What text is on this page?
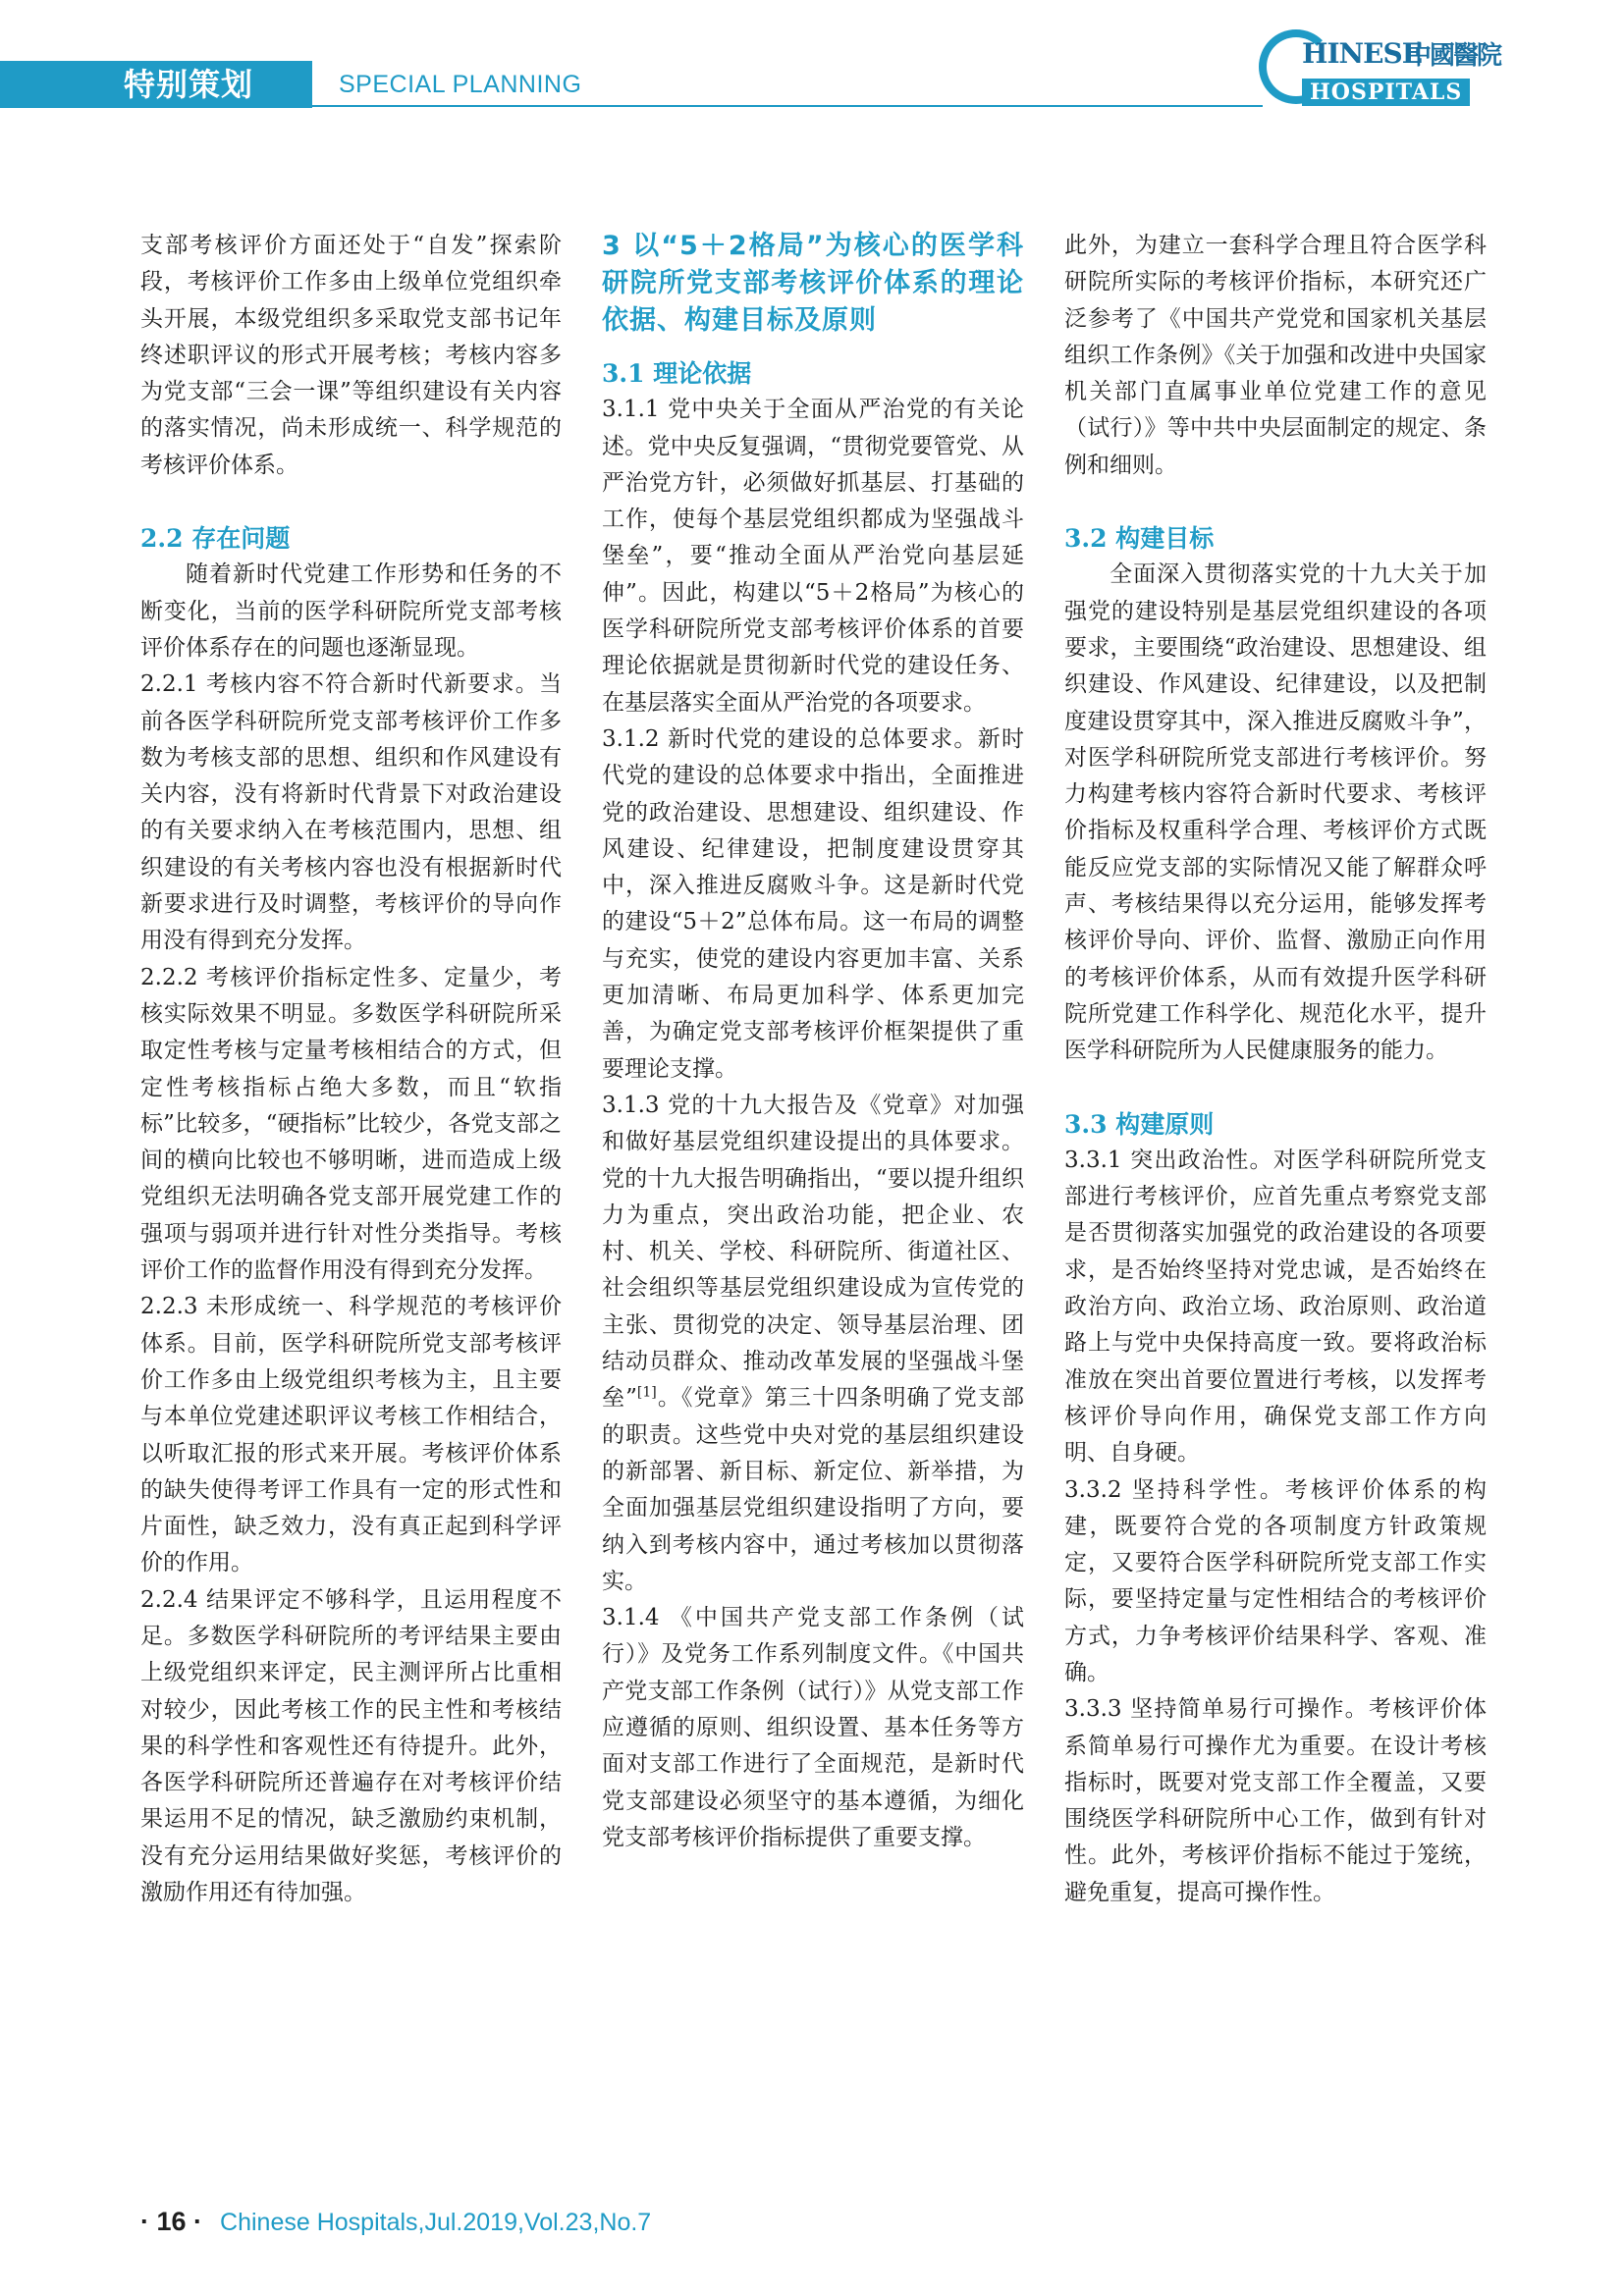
特别策划	SPECIAL PLANNING
HINESE
中國醫院
HOSPITALS

支部考核评价方面还处于“自发”探索阶段，考核评价工作多由上级单位党组织牵头开展，本级党组织多采取党支部书记年终述职评议的形式开展考核；考核内容多为党支部“三会一课”等组织建设有关内容的落实情况，尚未形成统一、科学规范的考核评价体系。

2.2 存在问题

随着新时代党建工作形势和任务的不断变化，当前的医学科研院所党支部考核评价体系存在的问题也逐渐显现。

2.2.1 考核内容不符合新时代新要求。当前各医学科研院所党支部考核评价工作多数为考核支部的思想、组织和作风建设有关内容，没有将新时代背景下对政治建设的有关要求纳入在考核范围内，思想、组织建设的有关考核内容也没有根据新时代新要求进行及时调整，考核评价的导向作用没有得到充分发挥。

2.2.2 考核评价指标定性多、定量少，考核实际效果不明显。多数医学科研院所采取定性考核与定量考核相结合的方式，但定性考核指标占绝大多数，而且“软指标”比较多，“硬指标”比较少，各党支部之间的横向比较也不够明晰，进而造成上级党组织无法明确各党支部开展党建工作的强项与弱项并进行针对性分类指导。考核评价工作的监督作用没有得到充分发挥。

2.2.3 未形成统一、科学规范的考核评价体系。目前，医学科研院所党支部考核评价工作多由上级党组织考核为主，且主要与本单位党建述职评议考核工作相结合，以听取汇报的形式来开展。考核评价体系的缺失使得考评工作具有一定的形式性和片面性，缺乏效力，没有真正起到科学评价的作用。

2.2.4 结果评定不够科学，且运用程度不足。多数医学科研院所的考评结果主要由上级党组织来评定，民主测评所占比重相对较少，因此考核工作的民主性和考核结果的科学性和客观性还有待提升。此外，各医学科研院所还普遍存在对考核评价结果运用不足的情况，缺乏激励约束机制，没有充分运用结果做好奖惩，考核评价的激励作用还有待加强。

3 以“5＋2格局”为核心的医学科研院所党支部考核评价体系的理论依据、构建目标及原则
3.1 理论依据

3.1.1 党中央关于全面从严治党的有关论述。党中央反复强调，“贯彻党要管党、从严治党方针，必须做好抓基层、打基础的工作，使每个基层党组织都成为坚强战斗堡垒”，要“推动全面从严治党向基层延伸”。因此，构建以“5＋2格局”为核心的医学科研院所党支部考核评价体系的首要理论依据就是贯彻新时代党的建设任务、在基层落实全面从严治党的各项要求。

3.1.2 新时代党的建设的总体要求。新时代党的建设的总体要求中指出，全面推进党的政治建设、思想建设、组织建设、作风建设、纪律建设，把制度建设贯穿其中，深入推进反腐败斗争。这是新时代党的建设“5＋2”总体布局。这一布局的调整与充实，使党的建设内容更加丰富、关系更加清晰、布局更加科学、体系更加完善，为确定党支部考核评价框架提供了重要理论支撑。

3.1.3 党的十九大报告及《党章》对加强和做好基层党组织建设提出的具体要求。党的十九大报告明确指出，“要以提升组织力为重点，突出政治功能，把企业、农村、机关、学校、科研院所、街道社区、社会组织等基层党组织建设成为宣传党的主张、贯彻党的决定、领导基层治理、团结动员群众、推动改革发展的坚强战斗堡垒”[1]。《党章》第三十四条明确了党支部的职责。这些党中央对党的基层组织建设的新部署、新目标、新定位、新举措，为全面加强基层党组织建设指明了方向，要纳入到考核内容中，通过考核加以贯彻落实。

3.1.4 《中国共产党支部工作条例（试行）》及党务工作系列制度文件。《中国共产党支部工作条例（试行）》从党支部工作应遵循的原则、组织设置、基本任务等方面对支部工作进行了全面规范，是新时代党支部建设必须坚守的基本遵循，为细化党支部考核评价指标提供了重要支撑。

此外，为建立一套科学合理且符合医学科研院所实际的考核评价指标，本研究还广泛参考了《中国共产党党和国家机关基层组织工作条例》《关于加强和改进中央国家机关部门直属事业单位党建工作的意见（试行）》等中共中央层面制定的规定、条例和细则。

3.2 构建目标

全面深入贯彻落实党的十九大关于加强党的建设特别是基层党组织建设的各项要求，主要围绕“政治建设、思想建设、组织建设、作风建设、纪律建设，以及把制度建设贯穿其中，深入推进反腐败斗争”，对医学科研院所党支部进行考核评价。努力构建考核内容符合新时代要求、考核评价指标及权重科学合理、考核评价方式既能反应党支部的实际情况又能了解群众呼声、考核结果得以充分运用，能够发挥考核评价导向、评价、监督、激励正向作用的考核评价体系，从而有效提升医学科研院所党建工作科学化、规范化水平，提升医学科研院所为人民健康服务的能力。

3.3 构建原则

3.3.1 突出政治性。对医学科研院所党支部进行考核评价，应首先重点考察党支部是否贯彻落实加强党的政治建设的各项要求，是否始终坚持对党忠诚，是否始终在政治方向、政治立场、政治原则、政治道路上与党中央保持高度一致。要将政治标准放在突出首要位置进行考核，以发挥考核评价导向作用，确保党支部工作方向明、自身硬。

3.3.2 坚持科学性。考核评价体系的构建，既要符合党的各项制度方针政策规定，又要符合医学科研院所党支部工作实际，要坚持定量与定性相结合的考核评价方式，力争考核评价结果科学、客观、准确。

3.3.3 坚持简单易行可操作。考核评价体系简单易行可操作尤为重要。在设计考核指标时，既要对党支部工作全覆盖，又要围绕医学科研院所中心工作，做到有针对性。此外，考核评价指标不能过于笼统，避免重复，提高可操作性。

· 16 · Chinese Hospitals,Jul.2019,Vol.23,No.7
